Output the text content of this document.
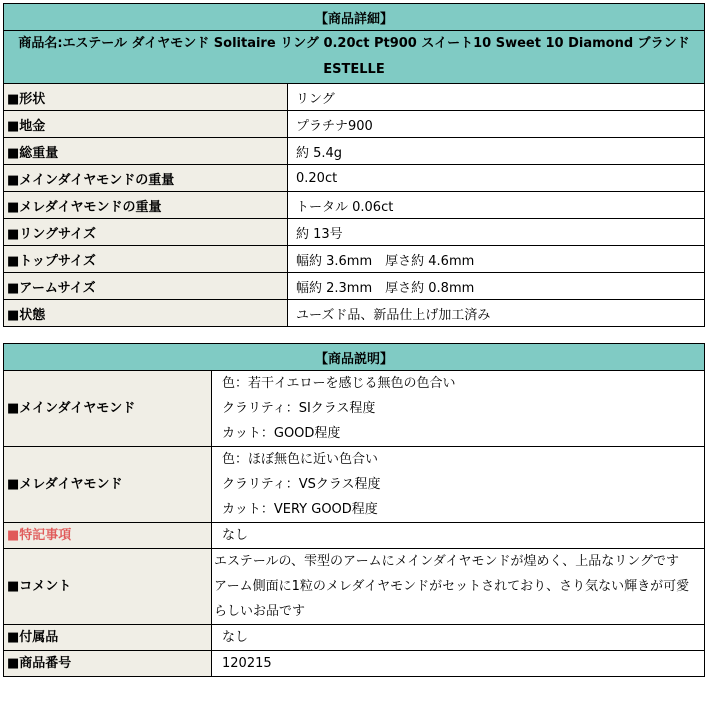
【商品詳細】	
商品名:エステール ダイヤモンド Solitaire リング 0.20ct Pt900 スイート10 Sweet 10 Diamond ブランド ESTELLE	
■形状	リング
■地金	プラチナ900
■総重量	約 5.4g
■メインダイヤモンドの重量	0.20ct
■メレダイヤモンドの重量	トータル 0.06ct
■リングサイズ	約 13号
■トップサイズ	幅約 3.6mm　厚さ約 4.6mm
■アームサイズ	幅約 2.3mm　厚さ約 0.8mm
■状態	ユーズド品、新品仕上げ加工済み
【商品説明】	
■メインダイヤモンド	色：若干イエローを感じる無色の色合い
クラリティ：SIクラス程度
カット：GOOD程度

■メレダイヤモンド	色：ほぼ無色に近い色合い
クラリティ：VSクラス程度
カット：VERY GOOD程度

■特記事項	なし
■コメント	エステールの、雫型のアームにメインダイヤモンドが煌めく、上品なリングです
アーム側面に1粒のメレダイヤモンドがセットされており、さり気ない輝きが可愛らしいお品です

■付属品	なし
■商品番号	120215
